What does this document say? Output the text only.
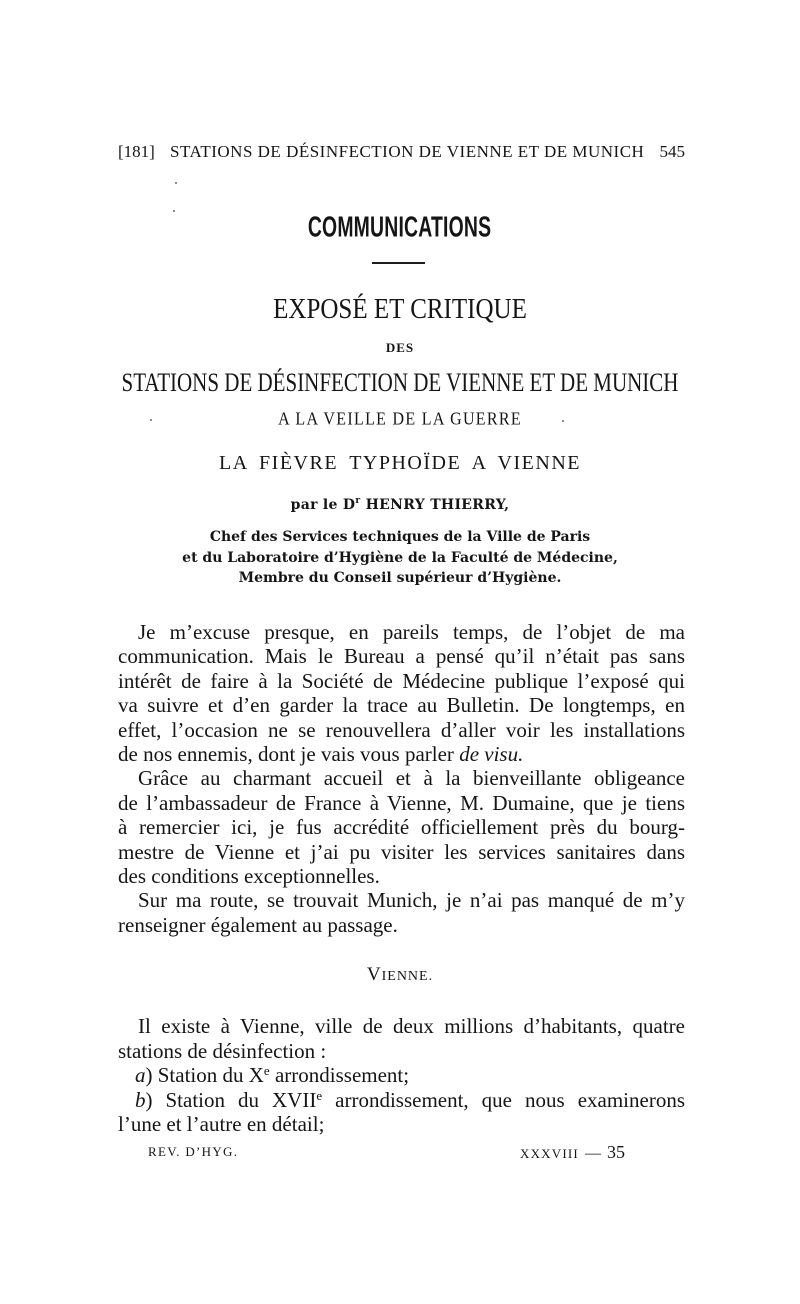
[181] STATIONS DE DÉSINFECTION DE VIENNE ET DE MUNICH 545
COMMUNICATIONS
EXPOSÉ ET CRITIQUE
DES
STATIONS DE DÉSINFECTION DE VIENNE ET DE MUNICH
A LA VEILLE DE LA GUERRE
LA FIÈVRE TYPHOÏDE A VIENNE
par le $D^r$ HENRY THIERRY,
Chef des Services techniques de la Ville de Paris
et du Laboratoire d’Hygiène de la Faculté de Médecine,
Membre du Conseil supérieur d’Hygiène.
Je m’excuse presque, en pareils temps, de l’objet de ma
communication. Mais le Bureau a pensé qu’il n’était pas sans
intérêt de faire à la Société de Médecine publique l’exposé qui
va suivre et d’en garder la trace au Bulletin. De longtemps, en
effet, l’occasion ne se renouvellera d’aller voir les installations
de nos ennemis, dont je vais vous parler de visu.
Grâce au charmant accueil et à la bienveillante obligeance
de l’ambassadeur de France à Vienne, M. Dumaine, que je tiens
à remercier ici, je fus accrédité officiellement près du bourg-
mestre de Vienne et j’ai pu visiter les services sanitaires dans
des conditions exceptionnelles.
Sur ma route, se trouvait Munich, je n’ai pas manqué de m’y
renseigner également au passage.
VIENNE.
Il existe à Vienne, ville de deux millions d’habitants, quatre
stations de désinfection :
a) Station du Xe arrondissement;
b) Station du XVIIe arrondissement, que nous examinerons
l’une et l’autre en détail;
REV. D’HYG.	XXXVIII — 35
